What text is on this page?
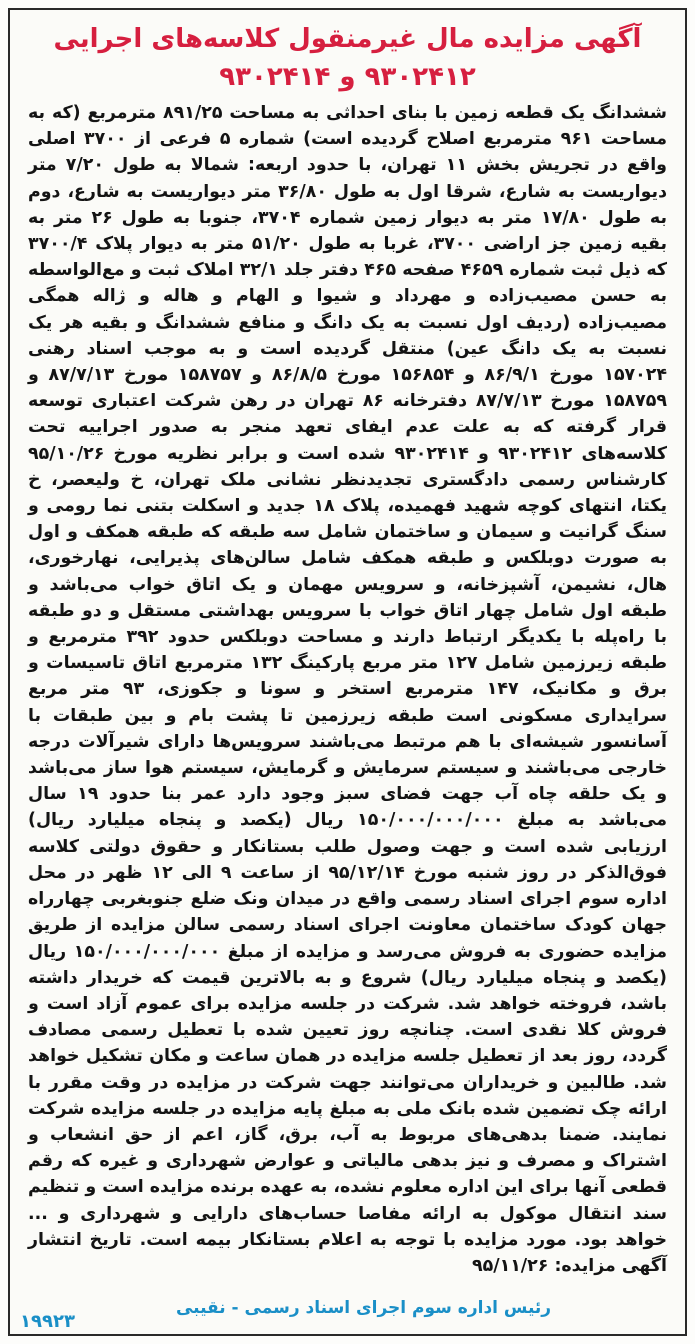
آگهی مزایده مال غیرمنقول کلاسه‌های اجرایی ۹۳۰۲۴۱۲ و ۹۳۰۲۴۱۴
ششدانگ یک قطعه زمین با بنای احداثی به مساحت ۸۹۱/۲۵ مترمربع (که به مساحت ۹۶۱ مترمربع اصلاح گردیده است) شماره ۵ فرعی از ۳۷۰۰ اصلی واقع در تجریش بخش ۱۱ تهران، با حدود اربعه: شمالا به طول ۷/۲۰ متر دیواریست به شارع، شرقا اول به طول ۳۶/۸۰ متر دیواریست به شارع، دوم به طول ۱۷/۸۰ متر به دیوار زمین شماره ۳۷۰۴، جنوبا به طول ۲۶ متر به بقیه زمین جز اراضی ۳۷۰۰، غربا به طول ۵۱/۲۰ متر به دیوار پلاک ۳۷۰۰/۴ که ذیل ثبت شماره ۴۶۵۹ صفحه ۴۶۵ دفتر جلد ۳۲/۱ املاک ثبت و مع‌الواسطه به حسن مصیب‌زاده و مهرداد و شیوا و الهام و هاله و ژاله همگی مصیب‌زاده (ردیف اول نسبت به یک دانگ و منافع ششدانگ و بقیه هر یک نسبت به یک دانگ عین) منتقل گردیده است و به موجب اسناد رهنی ۱۵۷۰۲۴ مورخ ۸۶/۹/۱ و ۱۵۶۸۵۴ مورخ ۸۶/۸/۵ و ۱۵۸۷۵۷ مورخ ۸۷/۷/۱۳ و ۱۵۸۷۵۹ مورخ ۸۷/۷/۱۳ دفترخانه ۸۶ تهران در رهن شرکت اعتباری توسعه قرار گرفته که به علت عدم ایفای تعهد منجر به صدور اجراییه تحت کلاسه‌های ۹۳۰۲۴۱۲ و ۹۳۰۲۴۱۴ شده است و برابر نظریه مورخ ۹۵/۱۰/۲۶ کارشناس رسمی دادگستری تجدیدنظر نشانی ملک تهران، خ ولیعصر، خ یکتا، انتهای کوچه شهید فهمیده، پلاک ۱۸ جدید و اسکلت بتنی نما رومی و سنگ گرانیت و سیمان و ساختمان شامل سه طبقه که طبقه همکف و اول به صورت دوبلکس و طبقه همکف شامل سالن‌های پذیرایی، نهارخوری، هال، نشیمن، آشپزخانه، و سرویس مهمان و یک اتاق خواب می‌باشد و طبقه اول شامل چهار اتاق خواب با سرویس بهداشتی مستقل و دو طبقه با راه‌پله با یکدیگر ارتباط دارند و مساحت دوبلکس حدود ۳۹۲ مترمربع و طبقه زیرزمین شامل ۱۲۷ متر مربع پارکینگ ۱۳۲ مترمربع اتاق تاسیسات و برق و مکانیک، ۱۴۷ مترمربع استخر و سونا و جکوزی، ۹۳ متر مربع سرایداری مسکونی است طبقه زیرزمین تا پشت بام و بین طبقات با آسانسور شیشه‌ای با هم مرتبط می‌باشند سرویس‌ها دارای شیرآلات درجه خارجی می‌باشند و سیستم سرمایش و گرمایش، سیستم هوا ساز می‌باشد و یک حلقه چاه آب جهت فضای سبز وجود دارد عمر بنا حدود ۱۹ سال می‌باشد به مبلغ ۱۵۰/۰۰۰/۰۰۰/۰۰۰ ریال (یکصد و پنجاه میلیارد ریال) ارزیابی شده است و جهت وصول طلب بستانکار و حقوق دولتی کلاسه فوق‌الذکر در روز شنبه مورخ ۹۵/۱۲/۱۴ از ساعت ۹ الی ۱۲ ظهر در محل اداره سوم اجرای اسناد رسمی واقع در میدان ونک ضلع جنوبغربی چهارراه جهان کودک ساختمان معاونت اجرای اسناد رسمی سالن مزایده از طریق مزایده حضوری به فروش می‌رسد و مزایده از مبلغ ۱۵۰/۰۰۰/۰۰۰/۰۰۰ ریال (یکصد و پنجاه میلیارد ریال) شروع و به بالاترین قیمت که خریدار داشته باشد، فروخته خواهد شد. شرکت در جلسه مزایده برای عموم آزاد است و فروش کلا نقدی است. چنانچه روز تعیین شده با تعطیل رسمی مصادف گردد، روز بعد از تعطیل جلسه مزایده در همان ساعت و مکان تشکیل خواهد شد. طالبین و خریداران می‌توانند جهت شرکت در مزایده در وقت مقرر با ارائه چک تضمین شده بانک ملی به مبلغ پایه مزایده در جلسه مزایده شرکت نمایند. ضمنا بدهی‌های مربوط به آب، برق، گاز، اعم از حق انشعاب و اشتراک و مصرف و نیز بدهی مالیاتی و عوارض شهرداری و غیره که رقم قطعی آنها برای این اداره معلوم نشده، به عهده برنده مزایده است و تنظیم سند انتقال موکول به ارائه مفاصا حساب‌های دارایی و شهرداری و ... خواهد بود. مورد مزایده با توجه به اعلام بستانکار بیمه است. تاریخ انتشار آگهی مزایده: ۹۵/۱۱/۲۶
رئیس اداره سوم اجرای اسناد رسمی - نقیبی
۱۹۹۲۳
